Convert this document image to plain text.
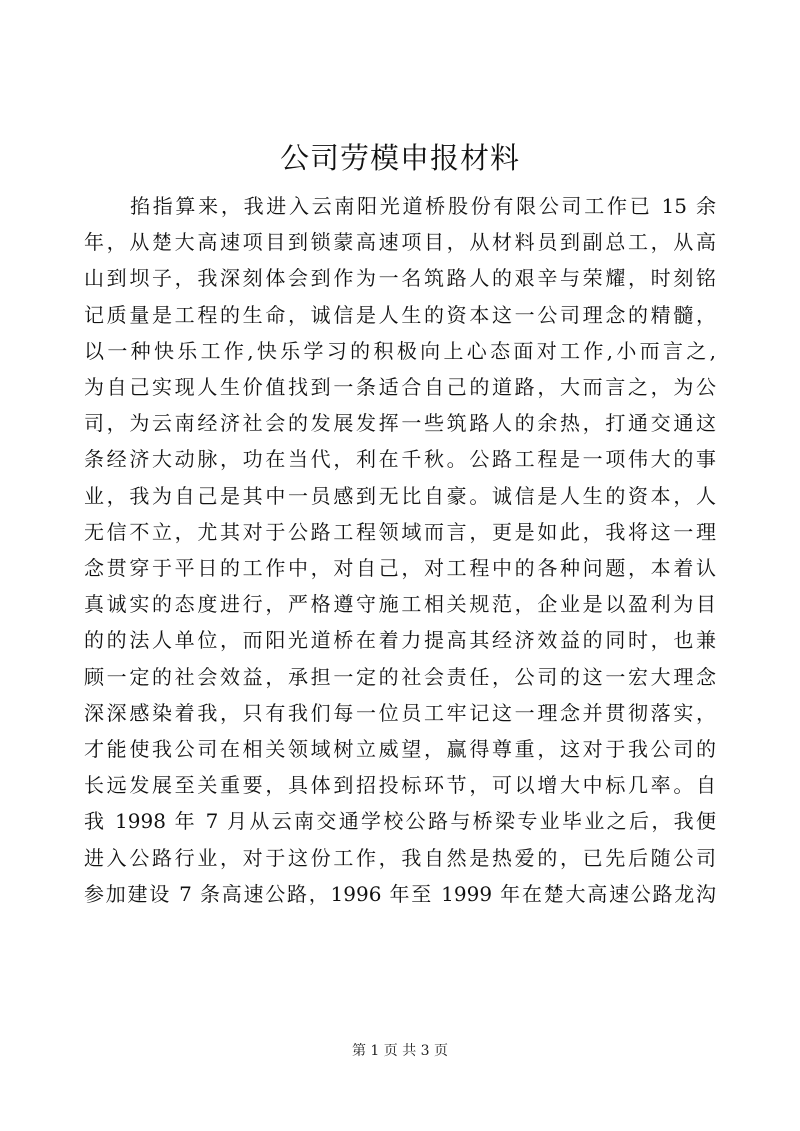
公司劳模申报材料
掐指算来，我进入云南阳光道桥股份有限公司工作已 15 余
年，从楚大高速项目到锁蒙高速项目，从材料员到副总工，从高
山到坝子，我深刻体会到作为一名筑路人的艰辛与荣耀，时刻铭
记质量是工程的生命，诚信是人生的资本这一公司理念的精髓，
以一种快乐工作,快乐学习的积极向上心态面对工作,小而言之,
为自己实现人生价值找到一条适合自己的道路，大而言之，为公
司，为云南经济社会的发展发挥一些筑路人的余热，打通交通这
条经济大动脉，功在当代，利在千秋。公路工程是一项伟大的事
业，我为自己是其中一员感到无比自豪。诚信是人生的资本，人
无信不立，尤其对于公路工程领域而言，更是如此，我将这一理
念贯穿于平日的工作中，对自己，对工程中的各种问题，本着认
真诚实的态度进行，严格遵守施工相关规范，企业是以盈利为目
的的法人单位，而阳光道桥在着力提高其经济效益的同时，也兼
顾一定的社会效益，承担一定的社会责任，公司的这一宏大理念
深深感染着我，只有我们每一位员工牢记这一理念并贯彻落实，
才能使我公司在相关领域树立威望，赢得尊重，这对于我公司的
长远发展至关重要，具体到招投标环节，可以增大中标几率。自
我 1998 年 7 月从云南交通学校公路与桥梁专业毕业之后，我便
进入公路行业，对于这份工作，我自然是热爱的，已先后随公司
参加建设 7 条高速公路，1996 年至 1999 年在楚大高速公路龙沟
第 1 页 共 3 页
